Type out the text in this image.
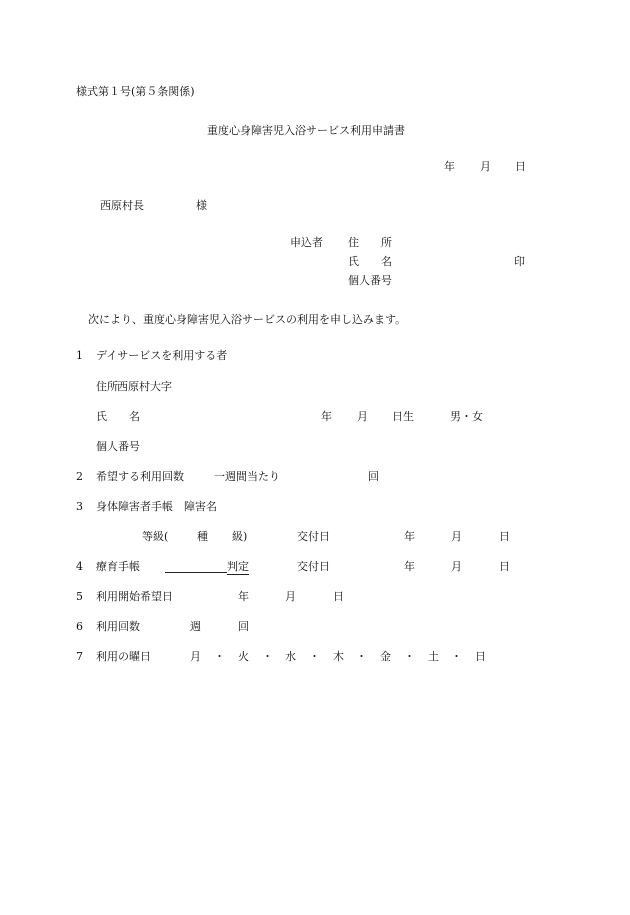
様式第１号(第５条関係)
重度心身障害児入浴サービス利用申請書
年 月 日
西原村長	様
申込者 住　　所
氏　　名	印
個人番号
次により、重度心身障害児入浴サービスの利用を申し込みます。
1 デイサービスを利用する者
住所 西原村大字
氏　　名	年 月 日生	男・女
個人番号
2 希望する利用回数	一週間当たり	回
3 身体障害者手帳　障害名
等級(	種 級)	交付日	年	月	日
4 療育手帳	判定	交付日	年	月	日
5 利用開始希望日	年	月	日
6 利用回数	週	回
7 利用の曜日	月 ・ 火 ・ 水 ・ 木 ・ 金 ・ 土 ・ 日
